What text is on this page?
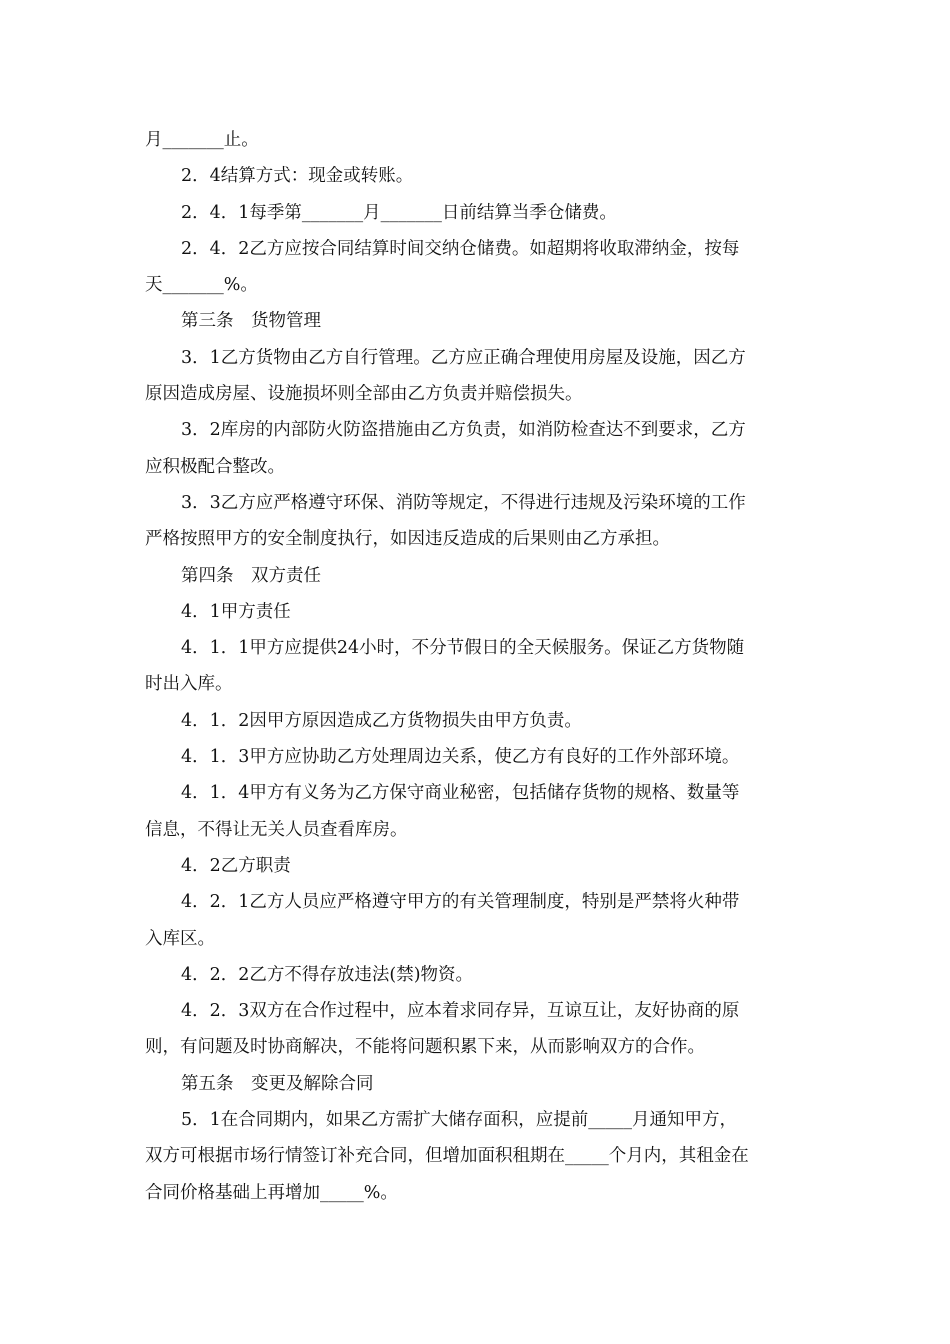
月_______止。
2．4结算方式：现金或转账。
2．4．1每季第_______月_______日前结算当季仓储费。
2．4．2乙方应按合同结算时间交纳仓储费。如超期将收取滞纳金，按每
天_______%。
第三条　货物管理
3．1乙方货物由乙方自行管理。乙方应正确合理使用房屋及设施，因乙方
原因造成房屋、设施损坏则全部由乙方负责并赔偿损失。
3．2库房的内部防火防盗措施由乙方负责，如消防检查达不到要求，乙方
应积极配合整改。
3．3乙方应严格遵守环保、消防等规定，不得进行违规及污染环境的工作
严格按照甲方的安全制度执行，如因违反造成的后果则由乙方承担。
第四条　双方责任
4．1甲方责任
4．1．1甲方应提供24小时，不分节假日的全天候服务。保证乙方货物随
时出入库。
4．1．2因甲方原因造成乙方货物损失由甲方负责。
4．1．3甲方应协助乙方处理周边关系，使乙方有良好的工作外部环境。
4．1．4甲方有义务为乙方保守商业秘密，包括储存货物的规格、数量等
信息，不得让无关人员查看库房。
4．2乙方职责
4．2．1乙方人员应严格遵守甲方的有关管理制度，特别是严禁将火种带
入库区。
4．2．2乙方不得存放违法(禁)物资。
4．2．3双方在合作过程中，应本着求同存异，互谅互让，友好协商的原
则，有问题及时协商解决，不能将问题积累下来，从而影响双方的合作。
第五条　变更及解除合同
5．1在合同期内，如果乙方需扩大储存面积，应提前_____月通知甲方，
双方可根据市场行情签订补充合同，但增加面积租期在_____个月内，其租金在
合同价格基础上再增加_____%。
